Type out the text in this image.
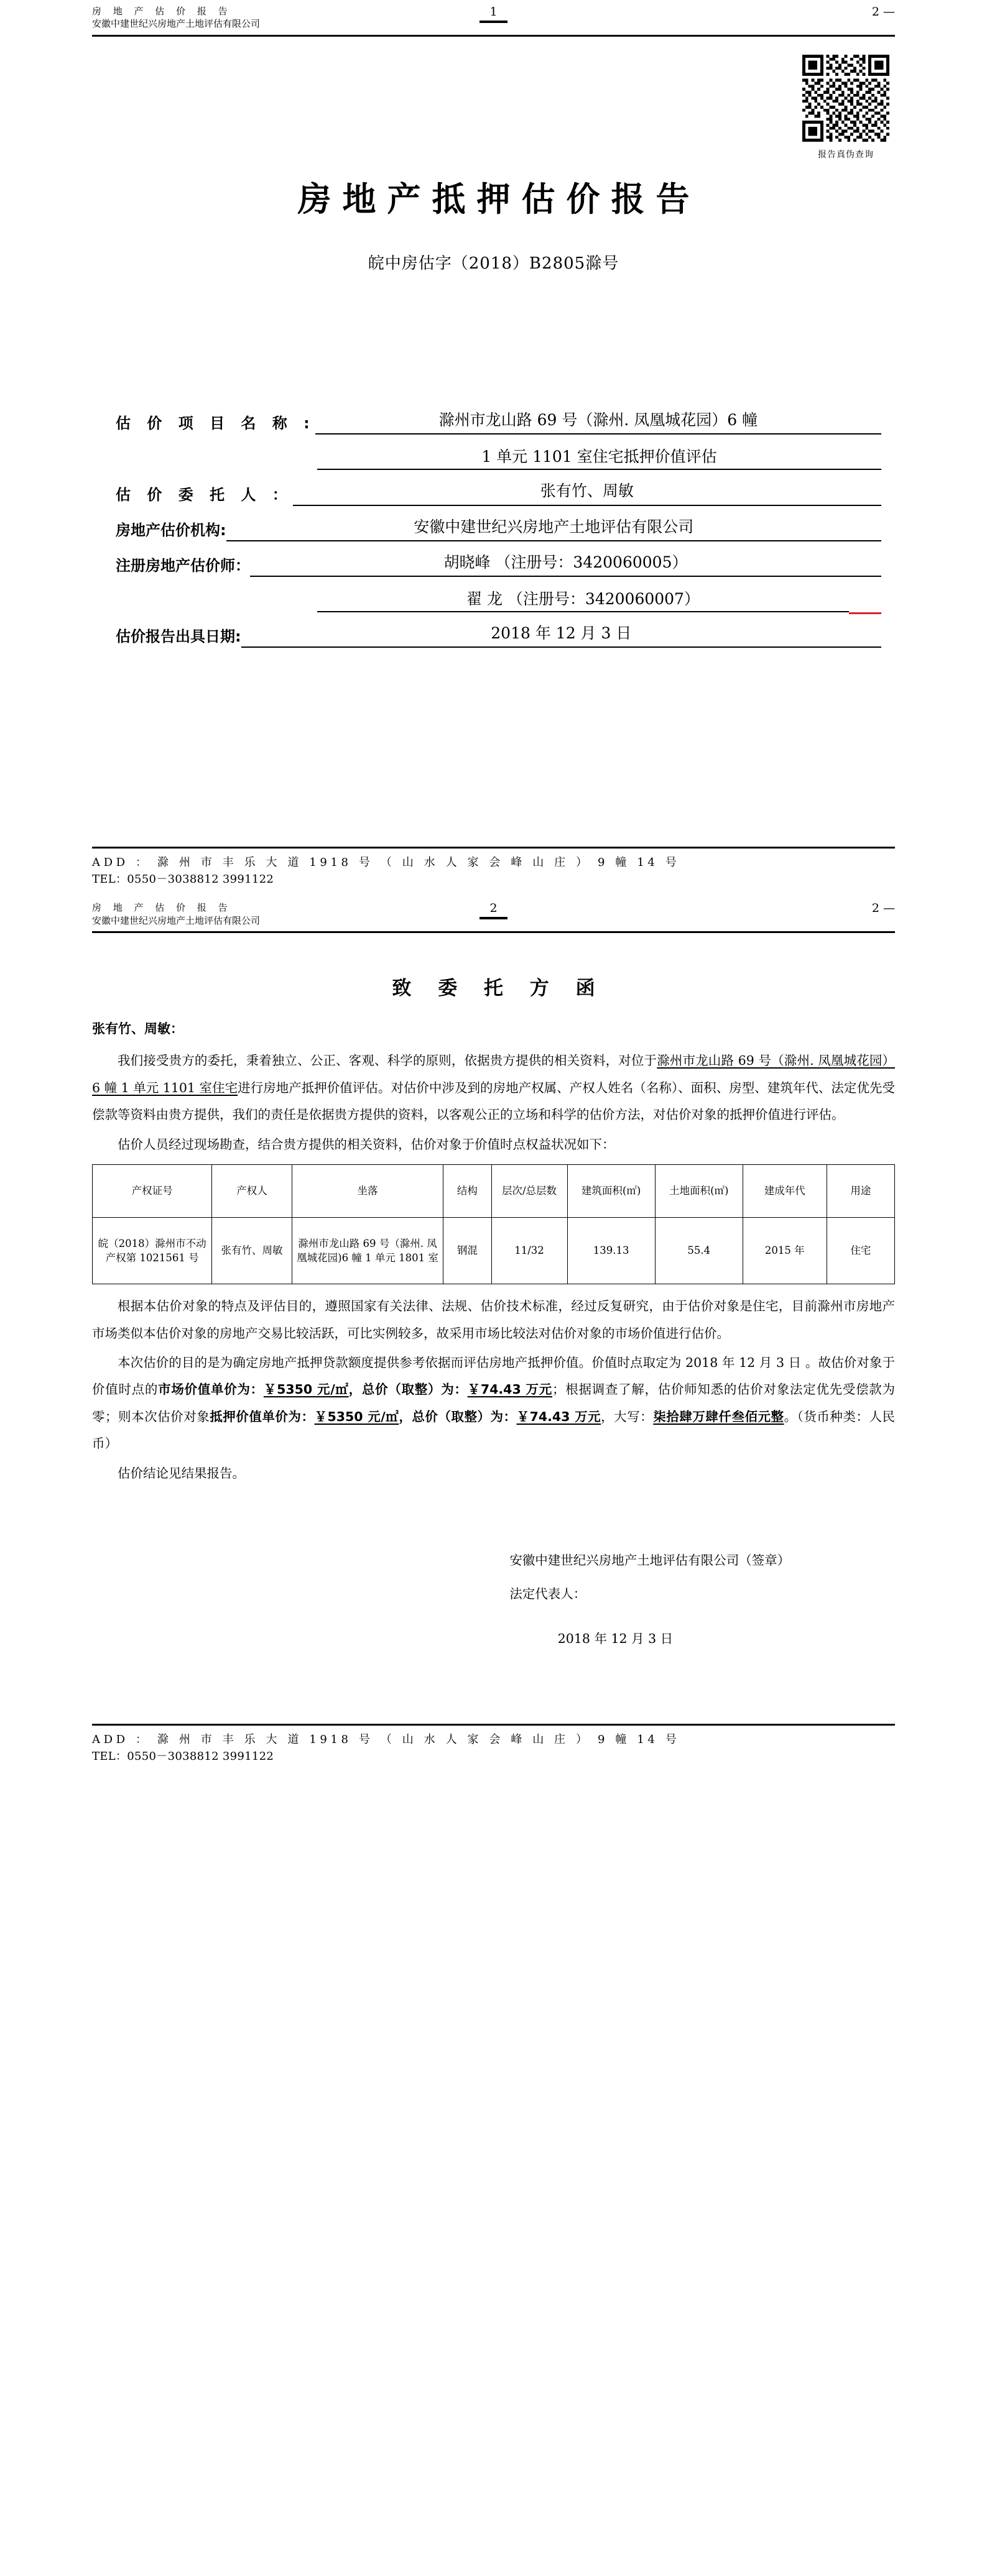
房 地 产 估 价 报 告
安徽中建世纪兴房地产土地评估有限公司
1	2 —
报告真伪查询
房地产抵押估价报告
皖中房估字（2018）B2805滁号
估 价 项 目 名 称 :	滁州市龙山路 69 号（滁州. 凤凰城花园）6 幢
1 单元 1101 室住宅抵押价值评估
估 价 委 托 人 ：	张有竹、周敏
房地产估价机构:	安徽中建世纪兴房地产土地评估有限公司
注册房地产估价师：	胡晓峰 （注册号：3420060005）
翟 龙 （注册号：3420060007）
估价报告出具日期:	2018 年 12 月 3 日
ADD ： 滁 州 市 丰 乐 大 道 1918 号 （ 山 水 人 家 会 峰 山 庄 ） 9 幢 14 号
TEL：0550－3038812 3991122
房 地 产 估 价 报 告
安徽中建世纪兴房地产土地评估有限公司
2	2 —
致 委 托 方 函
张有竹、周敏：

我们接受贵方的委托，秉着独立、公正、客观、科学的原则，依据贵方提供的相关资料，对位于滁州市龙山路 69 号（滁州. 凤凰城花园）6 幢 1 单元 1101 室住宅进行房地产抵押价值评估。对估价中涉及到的房地产权属、产权人姓名（名称）、面积、房型、建筑年代、法定优先受偿款等资料由贵方提供，我们的责任是依据贵方提供的资料，以客观公正的立场和科学的估价方法，对估价对象的抵押价值进行评估。

估价人员经过现场勘查，结合贵方提供的相关资料，估价对象于价值时点权益状况如下：

产权证号	产权人	坐落	结构	层次/总层数	建筑面积(㎡)	土地面积(㎡)	建成年代	用途
皖（2018）滁州市不动产权第 1021561 号	张有竹、周敏	滁州市龙山路 69 号（滁州. 凤凰城花园)6 幢 1 单元 1801 室	钢混	11/32	139.13	55.4	2015 年	住宅

根据本估价对象的特点及评估目的，遵照国家有关法律、法规、估价技术标准，经过反复研究，由于估价对象是住宅，目前滁州市房地产市场类似本估价对象的房地产交易比较活跃，可比实例较多，故采用市场比较法对估价对象的市场价值进行估价。

本次估价的目的是为确定房地产抵押贷款额度提供参考依据而评估房地产抵押价值。价值时点取定为 2018 年 12 月 3 日 。故估价对象于价值时点的市场价值单价为：￥5350 元/㎡，总价（取整）为：￥74.43 万元；根据调查了解，估价师知悉的估价对象法定优先受偿款为零；则本次估价对象抵押价值单价为：￥5350 元/㎡，总价（取整）为：￥74.43 万元，大写：柒拾肆万肆仟叁佰元整。（货币种类：人民币）

估价结论见结果报告。

安徽中建世纪兴房地产土地评估有限公司（签章）
法定代表人：
2018 年 12 月 3 日
ADD ： 滁 州 市 丰 乐 大 道 1918 号 （ 山 水 人 家 会 峰 山 庄 ） 9 幢 14 号
TEL：0550－3038812 3991122
